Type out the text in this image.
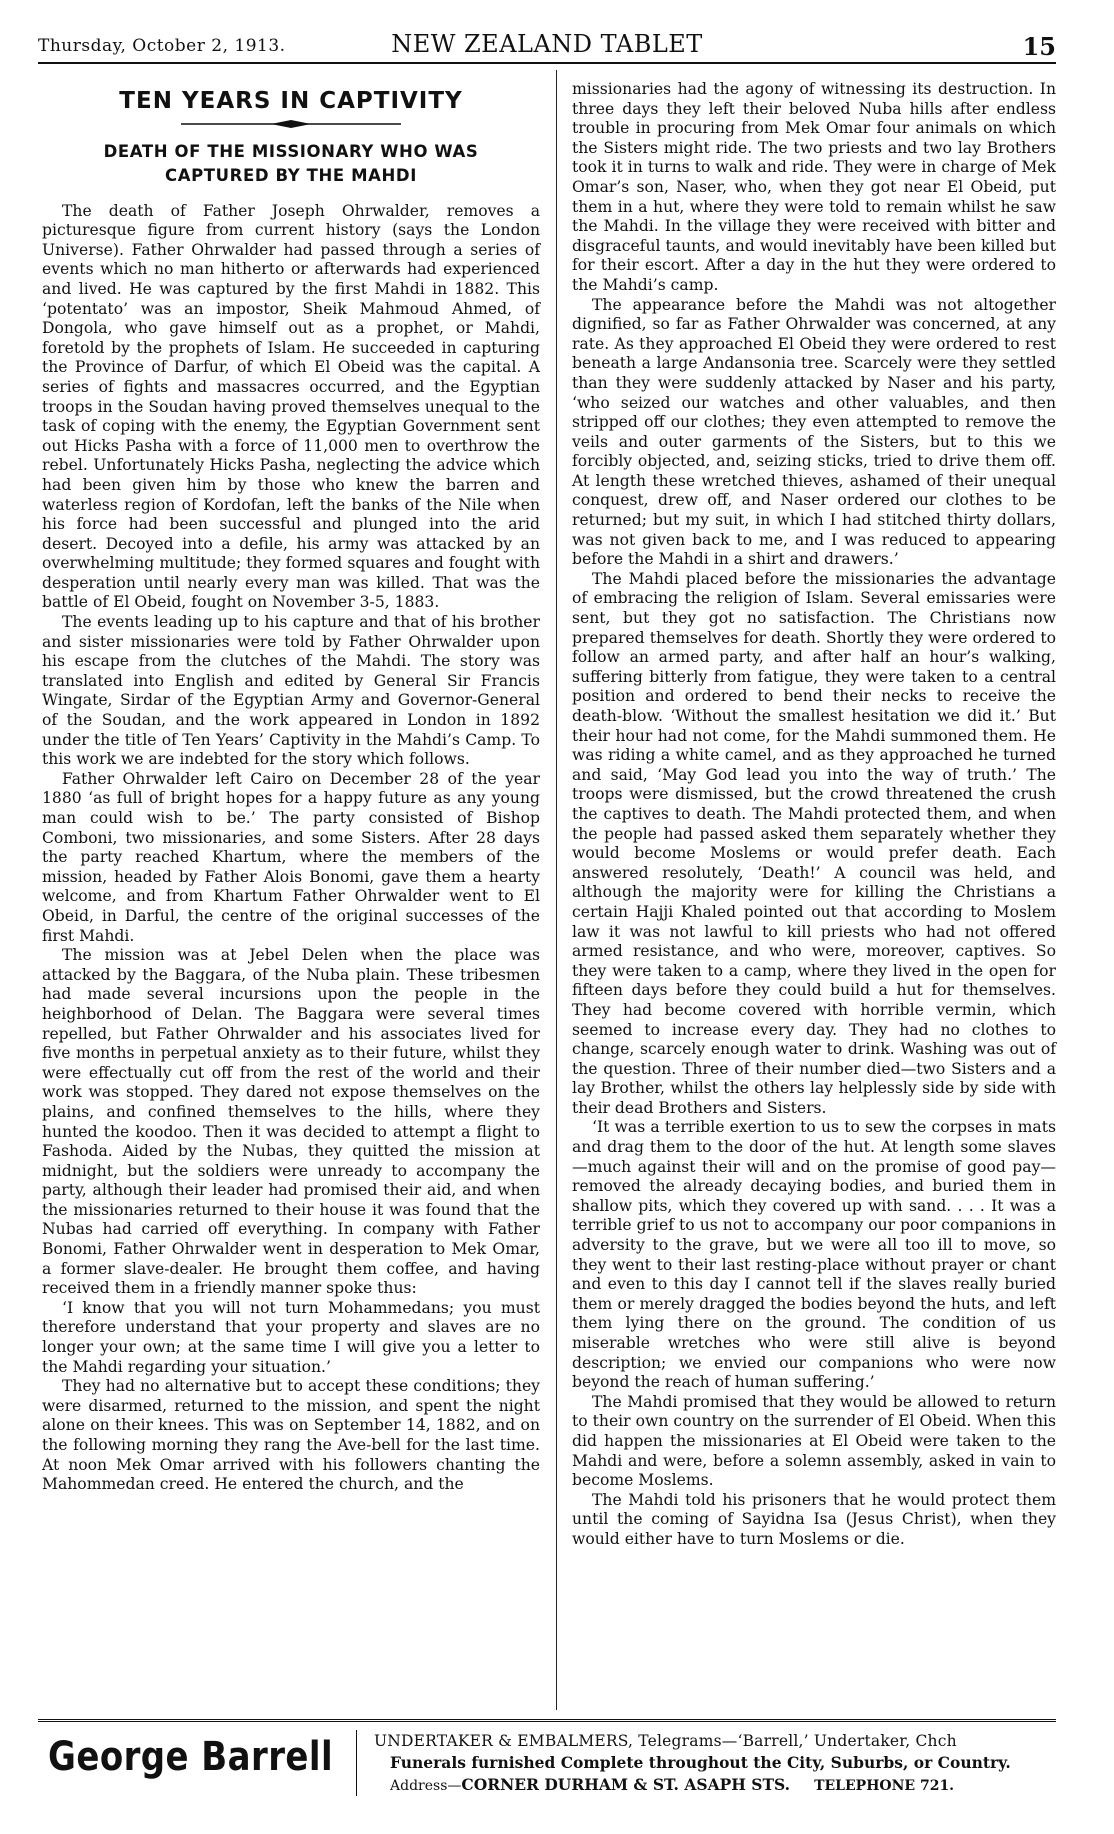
Thursday, October 2, 1913.	NEW ZEALAND TABLET	15
TEN YEARS IN CAPTIVITY
DEATH OF THE MISSIONARY WHO WAS CAPTURED BY THE MAHDI

The death of Father Joseph Ohrwalder, removes a picturesque figure from current history (says the London Universe). Father Ohrwalder had passed through a series of events which no man hitherto or afterwards had experienced and lived. He was captured by the first Mahdi in 1882. This ‘potentato’ was an impostor, Sheik Mahmoud Ahmed, of Dongola, who gave himself out as a prophet, or Mahdi, foretold by the prophets of Islam. He succeeded in capturing the Province of Darfur, of which El Obeid was the capital. A series of fights and massacres occurred, and the Egyptian troops in the Soudan having proved themselves unequal to the task of coping with the enemy, the Egyptian Government sent out Hicks Pasha with a force of 11,000 men to overthrow the rebel. Unfortunately Hicks Pasha, neglecting the advice which had been given him by those who knew the barren and waterless region of Kordofan, left the banks of the Nile when his force had been successful and plunged into the arid desert. Decoyed into a defile, his army was attacked by an overwhelming multitude; they formed squares and fought with desperation until nearly every man was killed. That was the battle of El Obeid, fought on November 3-5, 1883.

The events leading up to his capture and that of his brother and sister missionaries were told by Father Ohrwalder upon his escape from the clutches of the Mahdi. The story was translated into English and edited by General Sir Francis Wingate, Sirdar of the Egyptian Army and Governor-General of the Soudan, and the work appeared in London in 1892 under the title of Ten Years’ Captivity in the Mahdi’s Camp. To this work we are indebted for the story which follows.

Father Ohrwalder left Cairo on December 28 of the year 1880 ‘as full of bright hopes for a happy future as any young man could wish to be.’ The party consisted of Bishop Comboni, two missionaries, and some Sisters. After 28 days the party reached Khartum, where the members of the mission, headed by Father Alois Bonomi, gave them a hearty welcome, and from Khartum Father Ohrwalder went to El Obeid, in Darful, the centre of the original successes of the first Mahdi.

The mission was at Jebel Delen when the place was attacked by the Baggara, of the Nuba plain. These tribesmen had made several incursions upon the people in the heighborhood of Delan. The Baggara were several times repelled, but Father Ohrwalder and his associates lived for five months in perpetual anxiety as to their future, whilst they were effectually cut off from the rest of the world and their work was stopped. They dared not expose themselves on the plains, and confined themselves to the hills, where they hunted the koodoo. Then it was decided to attempt a flight to Fashoda. Aided by the Nubas, they quitted the mission at midnight, but the soldiers were unready to accompany the party, although their leader had promised their aid, and when the missionaries returned to their house it was found that the Nubas had carried off everything. In company with Father Bonomi, Father Ohrwalder went in desperation to Mek Omar, a former slave-dealer. He brought them coffee, and having received them in a friendly manner spoke thus:

‘I know that you will not turn Mohammedans; you must therefore understand that your property and slaves are no longer your own; at the same time I will give you a letter to the Mahdi regarding your situation.’

They had no alternative but to accept these conditions; they were disarmed, returned to the mission, and spent the night alone on their knees. This was on September 14, 1882, and on the following morning they rang the Ave-bell for the last time. At noon Mek Omar arrived with his followers chanting the Mahommedan creed. He entered the church, and the

missionaries had the agony of witnessing its destruction. In three days they left their beloved Nuba hills after endless trouble in procuring from Mek Omar four animals on which the Sisters might ride. The two priests and two lay Brothers took it in turns to walk and ride. They were in charge of Mek Omar’s son, Naser, who, when they got near El Obeid, put them in a hut, where they were told to remain whilst he saw the Mahdi. In the village they were received with bitter and disgraceful taunts, and would inevitably have been killed but for their escort. After a day in the hut they were ordered to the Mahdi’s camp.

The appearance before the Mahdi was not altogether dignified, so far as Father Ohrwalder was concerned, at any rate. As they approached El Obeid they were ordered to rest beneath a large Andansonia tree. Scarcely were they settled than they were suddenly attacked by Naser and his party, ‘who seized our watches and other valuables, and then stripped off our clothes; they even attempted to remove the veils and outer garments of the Sisters, but to this we forcibly objected, and, seizing sticks, tried to drive them off. At length these wretched thieves, ashamed of their unequal conquest, drew off, and Naser ordered our clothes to be returned; but my suit, in which I had stitched thirty dollars, was not given back to me, and I was reduced to appearing before the Mahdi in a shirt and drawers.’

The Mahdi placed before the missionaries the advantage of embracing the religion of Islam. Several emissaries were sent, but they got no satisfaction. The Christians now prepared themselves for death. Shortly they were ordered to follow an armed party, and after half an hour’s walking, suffering bitterly from fatigue, they were taken to a central position and ordered to bend their necks to receive the death-blow. ‘Without the smallest hesitation we did it.’ But their hour had not come, for the Mahdi summoned them. He was riding a white camel, and as they approached he turned and said, ‘May God lead you into the way of truth.’ The troops were dismissed, but the crowd threatened the crush the captives to death. The Mahdi protected them, and when the people had passed asked them separately whether they would become Moslems or would prefer death. Each answered resolutely, ‘Death!’ A council was held, and although the majority were for killing the Christians a certain Hajji Khaled pointed out that according to Moslem law it was not lawful to kill priests who had not offered armed resistance, and who were, moreover, captives. So they were taken to a camp, where they lived in the open for fifteen days before they could build a hut for themselves. They had become covered with horrible vermin, which seemed to increase every day. They had no clothes to change, scarcely enough water to drink. Washing was out of the question. Three of their number died—two Sisters and a lay Brother, whilst the others lay helplessly side by side with their dead Brothers and Sisters.

‘It was a terrible exertion to us to sew the corpses in mats and drag them to the door of the hut. At length some slaves—much against their will and on the promise of good pay—removed the already decaying bodies, and buried them in shallow pits, which they covered up with sand. . . . It was a terrible grief to us not to accompany our poor companions in adversity to the grave, but we were all too ill to move, so they went to their last resting-place without prayer or chant and even to this day I cannot tell if the slaves really buried them or merely dragged the bodies beyond the huts, and left them lying there on the ground. The condition of us miserable wretches who were still alive is beyond description; we envied our companions who were now beyond the reach of human suffering.’

The Mahdi promised that they would be allowed to return to their own country on the surrender of El Obeid. When this did happen the missionaries at El Obeid were taken to the Mahdi and were, before a solemn assembly, asked in vain to become Moslems.

The Mahdi told his prisoners that he would protect them until the coming of Sayidna Isa (Jesus Christ), when they would either have to turn Moslems or die.

George Barrell	UNDERTAKER & EMBALMERS, Telegrams—‘Barrell,’ Undertaker, Chch
Funerals furnished Complete throughout the City, Suburbs, or Country.
Address—CORNER DURHAM & ST. ASAPH STS. TELEPHONE 721.
